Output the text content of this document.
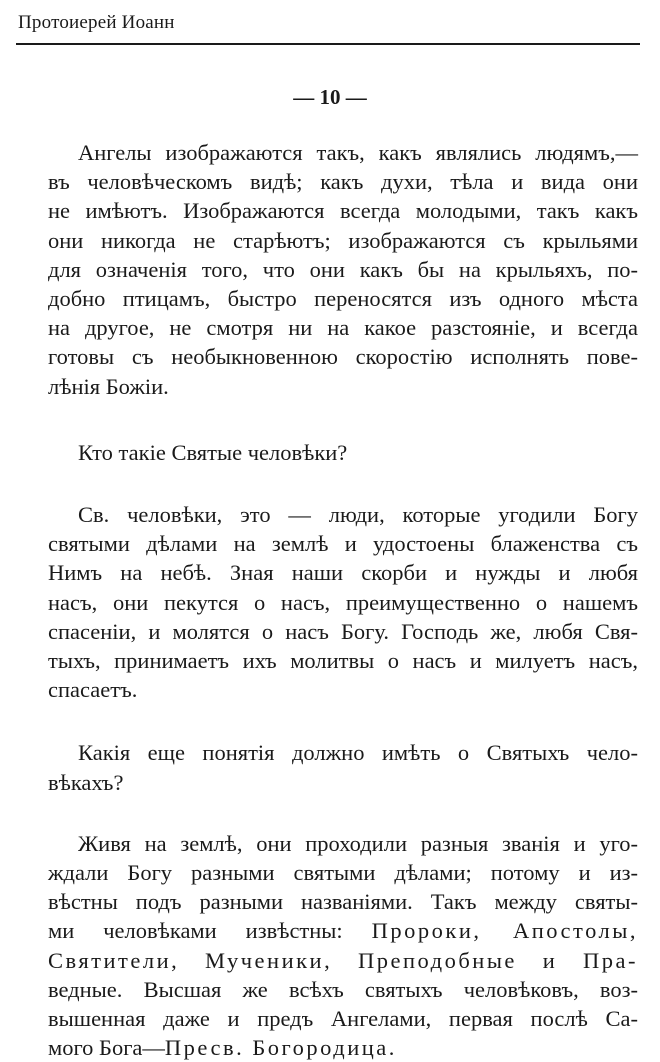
Протоиерей Иоанн
— 10 —
Ангелы изображаются такъ, какъ являлись людямъ,—
въ человѣческомъ видѣ; какъ духи, тѣла и вида они
не имѣютъ. Изображаются всегда молодыми, такъ какъ
они никогда не старѣютъ; изображаются съ крыльями
для означенія того, что они какъ бы на крыльяхъ, по-
добно птицамъ, быстро переносятся изъ одного мѣста
на другое, не смотря ни на какое разстояніе, и всегда
готовы съ необыкновенною скоростію исполнять пове-
лѣнія Божіи.
Кто такіе Святые человѣки?
Св. человѣки, это — люди, которые угодили Богу
святыми дѣлами на землѣ и удостоены блаженства съ
Нимъ на небѣ. Зная наши скорби и нужды и любя
насъ, они пекутся о насъ, преимущественно о нашемъ
спасеніи, и молятся о насъ Богу. Господь же, любя Свя-
тыхъ, принимаетъ ихъ молитвы о насъ и милуетъ насъ,
спасаетъ.
Какія еще понятія должно имѣть о Святыхъ чело-
вѣкахъ?
Живя на землѣ, они проходили разныя званія и уго-
ждали Богу разными святыми дѣлами; потому и из-
вѣстны подъ разными названіями. Такъ между святы-
ми человѣками извѣстны: Пророки, Апостолы,
Святители, Мученики, Преподобные и Пра-
ведные. Высшая же всѣхъ святыхъ человѣковъ, воз-
вышенная даже и предъ Ангелами, первая послѣ Са-
мого Бога—Пресв. Богородица.
